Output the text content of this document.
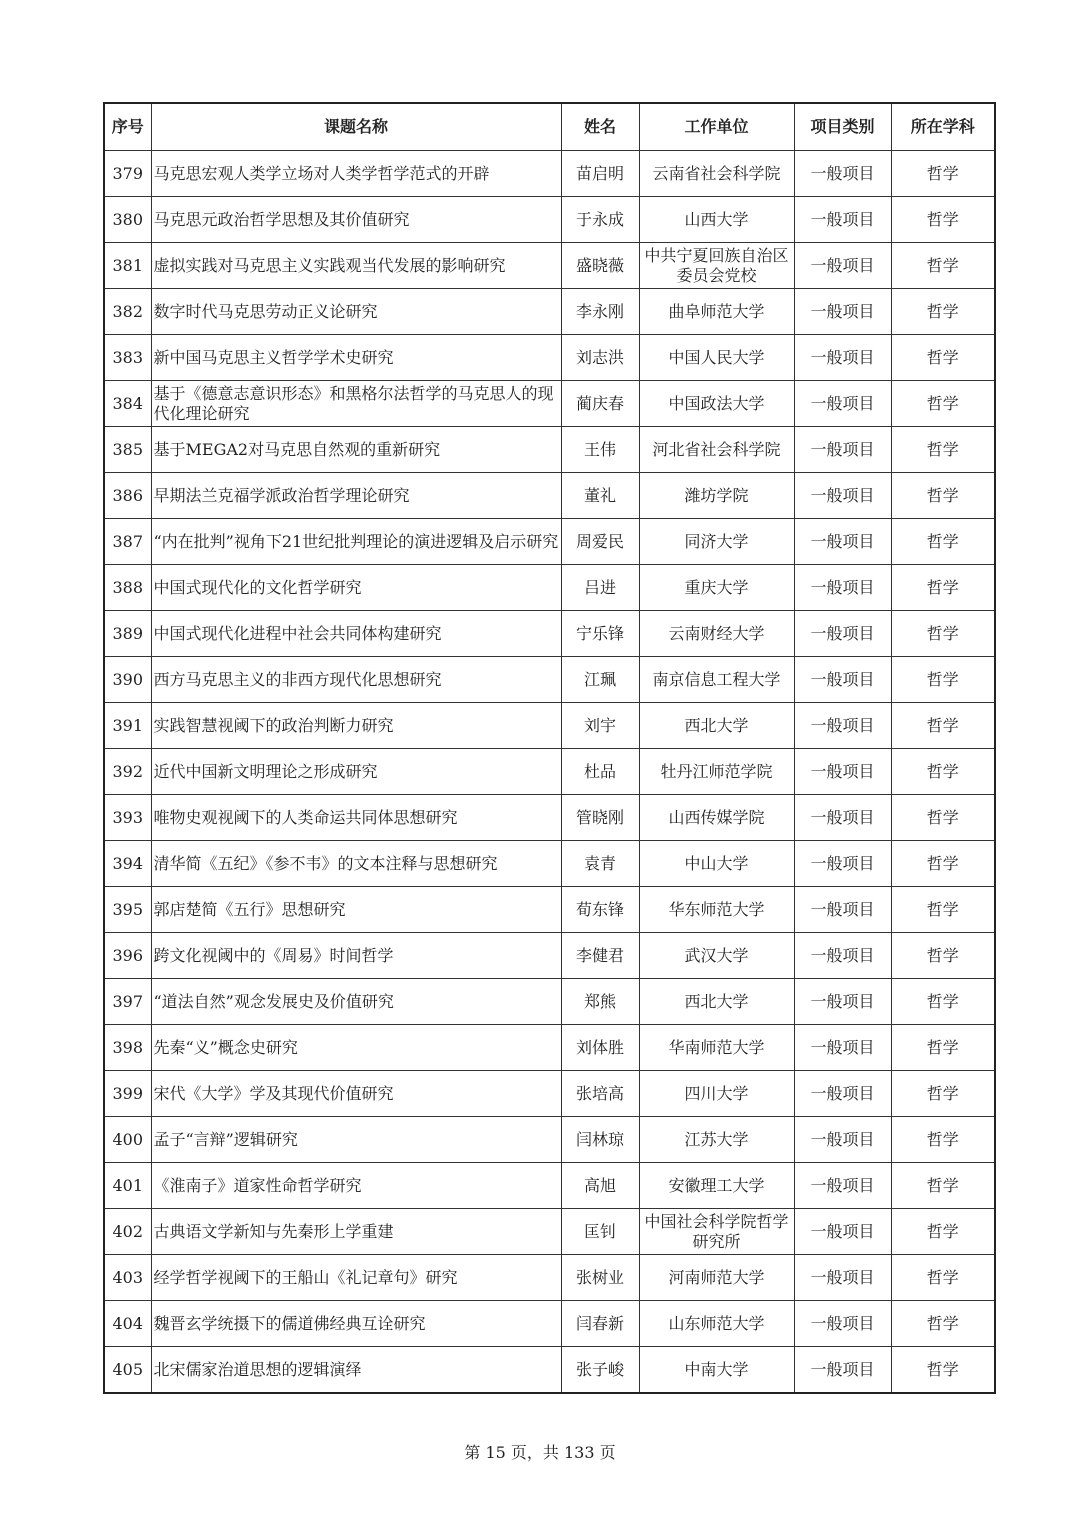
序号	课题名称	姓名	工作单位	项目类别	所在学科
379	马克思宏观人类学立场对人类学哲学范式的开辟	苗启明	云南省社会科学院	一般项目	哲学
380	马克思元政治哲学思想及其价值研究	于永成	山西大学	一般项目	哲学
381	虚拟实践对马克思主义实践观当代发展的影响研究	盛晓薇	中共宁夏回族自治区委员会党校	一般项目	哲学
382	数字时代马克思劳动正义论研究	李永刚	曲阜师范大学	一般项目	哲学
383	新中国马克思主义哲学学术史研究	刘志洪	中国人民大学	一般项目	哲学
384	基于《德意志意识形态》和黑格尔法哲学的马克思人的现代化理论研究	蔺庆春	中国政法大学	一般项目	哲学
385	基于MEGA2对马克思自然观的重新研究	王伟	河北省社会科学院	一般项目	哲学
386	早期法兰克福学派政治哲学理论研究	董礼	潍坊学院	一般项目	哲学
387	“内在批判”视角下21世纪批判理论的演进逻辑及启示研究	周爱民	同济大学	一般项目	哲学
388	中国式现代化的文化哲学研究	吕进	重庆大学	一般项目	哲学
389	中国式现代化进程中社会共同体构建研究	宁乐锋	云南财经大学	一般项目	哲学
390	西方马克思主义的非西方现代化思想研究	江珮	南京信息工程大学	一般项目	哲学
391	实践智慧视阈下的政治判断力研究	刘宇	西北大学	一般项目	哲学
392	近代中国新文明理论之形成研究	杜品	牡丹江师范学院	一般项目	哲学
393	唯物史观视阈下的人类命运共同体思想研究	管晓刚	山西传媒学院	一般项目	哲学
394	清华简《五纪》《参不韦》的文本注释与思想研究	袁青	中山大学	一般项目	哲学
395	郭店楚简《五行》思想研究	荀东锋	华东师范大学	一般项目	哲学
396	跨文化视阈中的《周易》时间哲学	李健君	武汉大学	一般项目	哲学
397	“道法自然”观念发展史及价值研究	郑熊	西北大学	一般项目	哲学
398	先秦“义”概念史研究	刘体胜	华南师范大学	一般项目	哲学
399	宋代《大学》学及其现代价值研究	张培高	四川大学	一般项目	哲学
400	孟子“言辩”逻辑研究	闫林琼	江苏大学	一般项目	哲学
401	《淮南子》道家性命哲学研究	高旭	安徽理工大学	一般项目	哲学
402	古典语文学新知与先秦形上学重建	匡钊	中国社会科学院哲学研究所	一般项目	哲学
403	经学哲学视阈下的王船山《礼记章句》研究	张树业	河南师范大学	一般项目	哲学
404	魏晋玄学统摄下的儒道佛经典互诠研究	闫春新	山东师范大学	一般项目	哲学
405	北宋儒家治道思想的逻辑演绎	张子峻	中南大学	一般项目	哲学
第 15 页，共 133 页
